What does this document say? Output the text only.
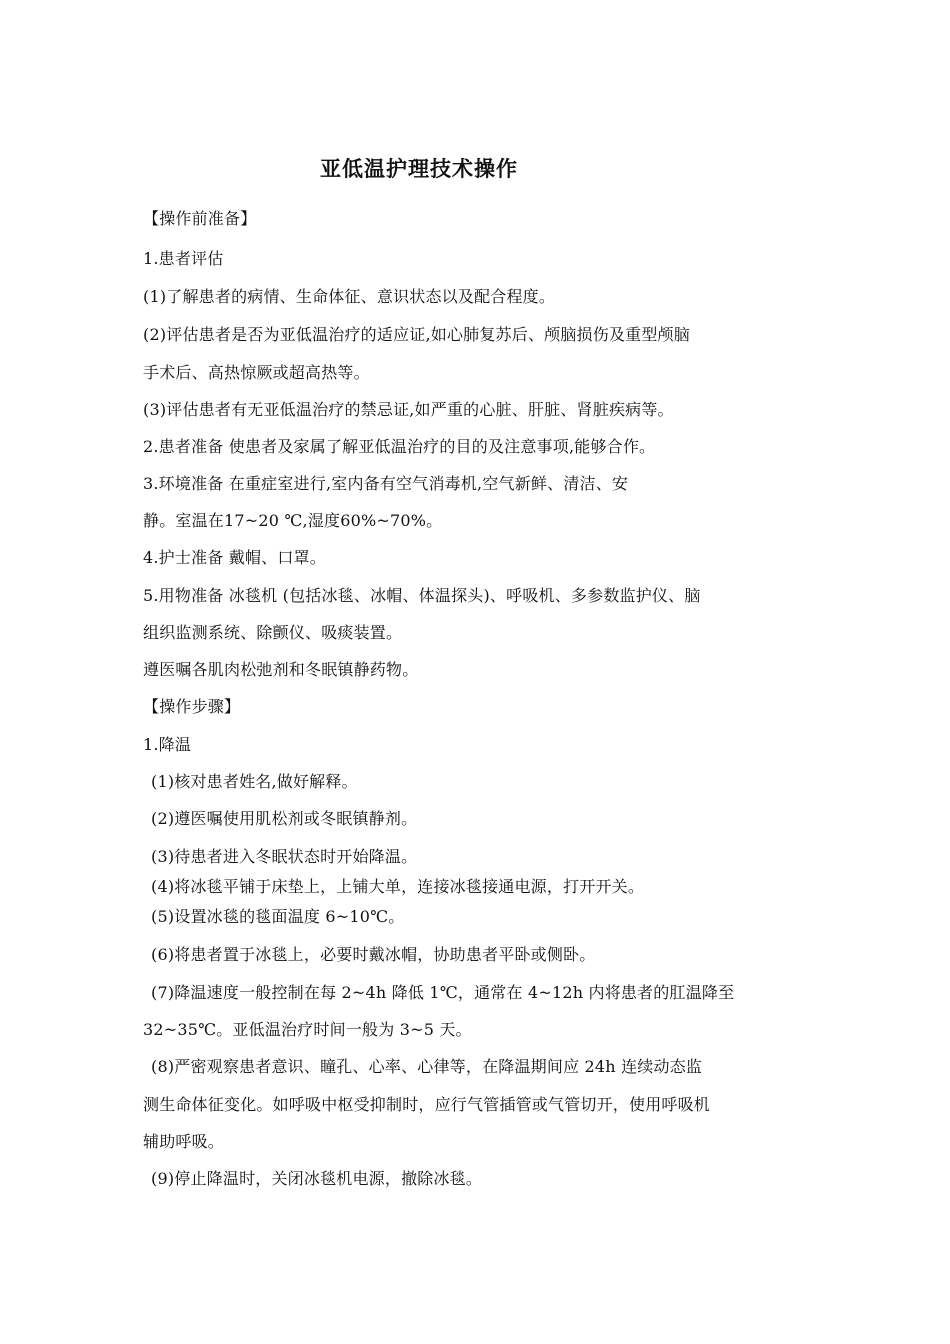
亚低温护理技术操作
【操作前准备】
1.患者评估
(1)了解患者的病情、生命体征、意识状态以及配合程度。
(2)评估患者是否为亚低温治疗的适应证,如心肺复苏后、颅脑损伤及重型颅脑
手术后、高热惊厥或超高热等。
(3)评估患者有无亚低温治疗的禁忌证,如严重的心脏、肝脏、肾脏疾病等。
2.患者准备 使患者及家属了解亚低温治疗的目的及注意事项,能够合作。
3.环境准备 在重症室进行,室内备有空气消毒机,空气新鲜、清洁、安
静。室温在17~20 ℃,湿度60%~70%。
4.护士准备 戴帽、口罩。
5.用物准备 冰毯机 (包括冰毯、冰帽、体温探头)、呼吸机、多参数监护仪、脑
组织监测系统、除颤仪、吸痰装置。
遵医嘱各肌肉松弛剂和冬眠镇静药物。
【操作步骤】
1.降温
(1)核对患者姓名,做好解释。
(2)遵医嘱使用肌松剂或冬眠镇静剂。
(3)待患者进入冬眠状态时开始降温。
(4)将冰毯平铺于床垫上，上铺大单，连接冰毯接通电源，打开开关。
(5)设置冰毯的毯面温度 6~10℃。
(6)将患者置于冰毯上，必要时戴冰帽，协助患者平卧或侧卧。
(7)降温速度一般控制在每 2~4h 降低 1℃，通常在 4~12h 内将患者的肛温降至
32~35℃。亚低温治疗时间一般为 3~5 天。
(8)严密观察患者意识、瞳孔、心率、心律等，在降温期间应 24h 连续动态监
测生命体征变化。如呼吸中枢受抑制时，应行气管插管或气管切开，使用呼吸机
辅助呼吸。
(9)停止降温时，关闭冰毯机电源，撤除冰毯。
